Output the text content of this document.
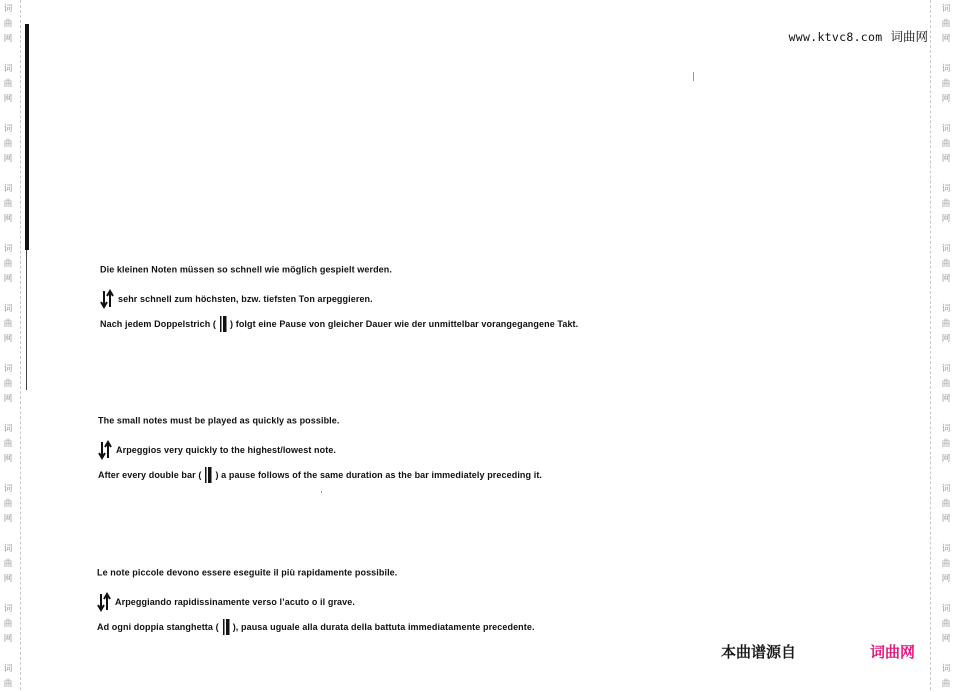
词
曲
网
词
曲
网
词
曲
网
词
曲
网
词
曲
网
词
曲
网
词
曲
网
词
曲
网
词
曲
网
词
曲
网
词
曲
网
词
曲
词
曲
网
词
曲
网
词
曲
网
词
曲
网
词
曲
网
词
曲
网
词
曲
网
词
曲
网
词
曲
网
词
曲
网
词
曲
网
词
曲
www.ktvc8.com 词曲网
Die kleinen Noten müssen so schnell wie möglich gespielt werden.
sehr schnell zum höchsten, bzw. tiefsten Ton arpeggieren.
Nach jedem Doppelstrich ( ) folgt eine Pause von gleicher Dauer wie der unmittelbar vorangegangene Takt.
The small notes must be played as quickly as possible.
Arpeggios very quickly to the highest/lowest note.
After every double bar ( ) a pause follows of the same duration as the bar immediately preceding it.
Le note piccole devono essere eseguite il più rapidamente possibile.
Arpeggiando rapidissinamente verso l’acuto o il grave.
Ad ogni doppia stanghetta ( ), pausa uguale alla durata della battuta immediatamente precedente.
本曲谱源自	词曲网
